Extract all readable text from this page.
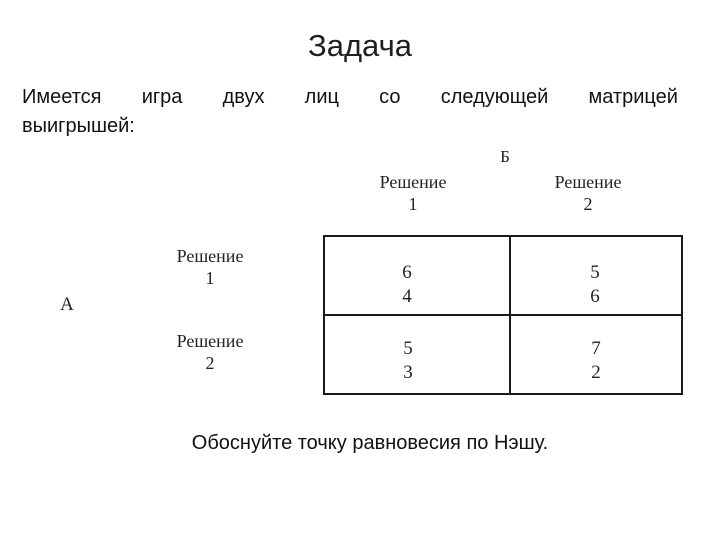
Задача
Имеется игра двух лиц со следующей матрицей
выигрышей:
Б
Решение
1
Решение
2
Решение
1
Решение
2
А
6
4
5
6
5
3
7
2
Обоснуйте точку равновесия по Нэшу.
